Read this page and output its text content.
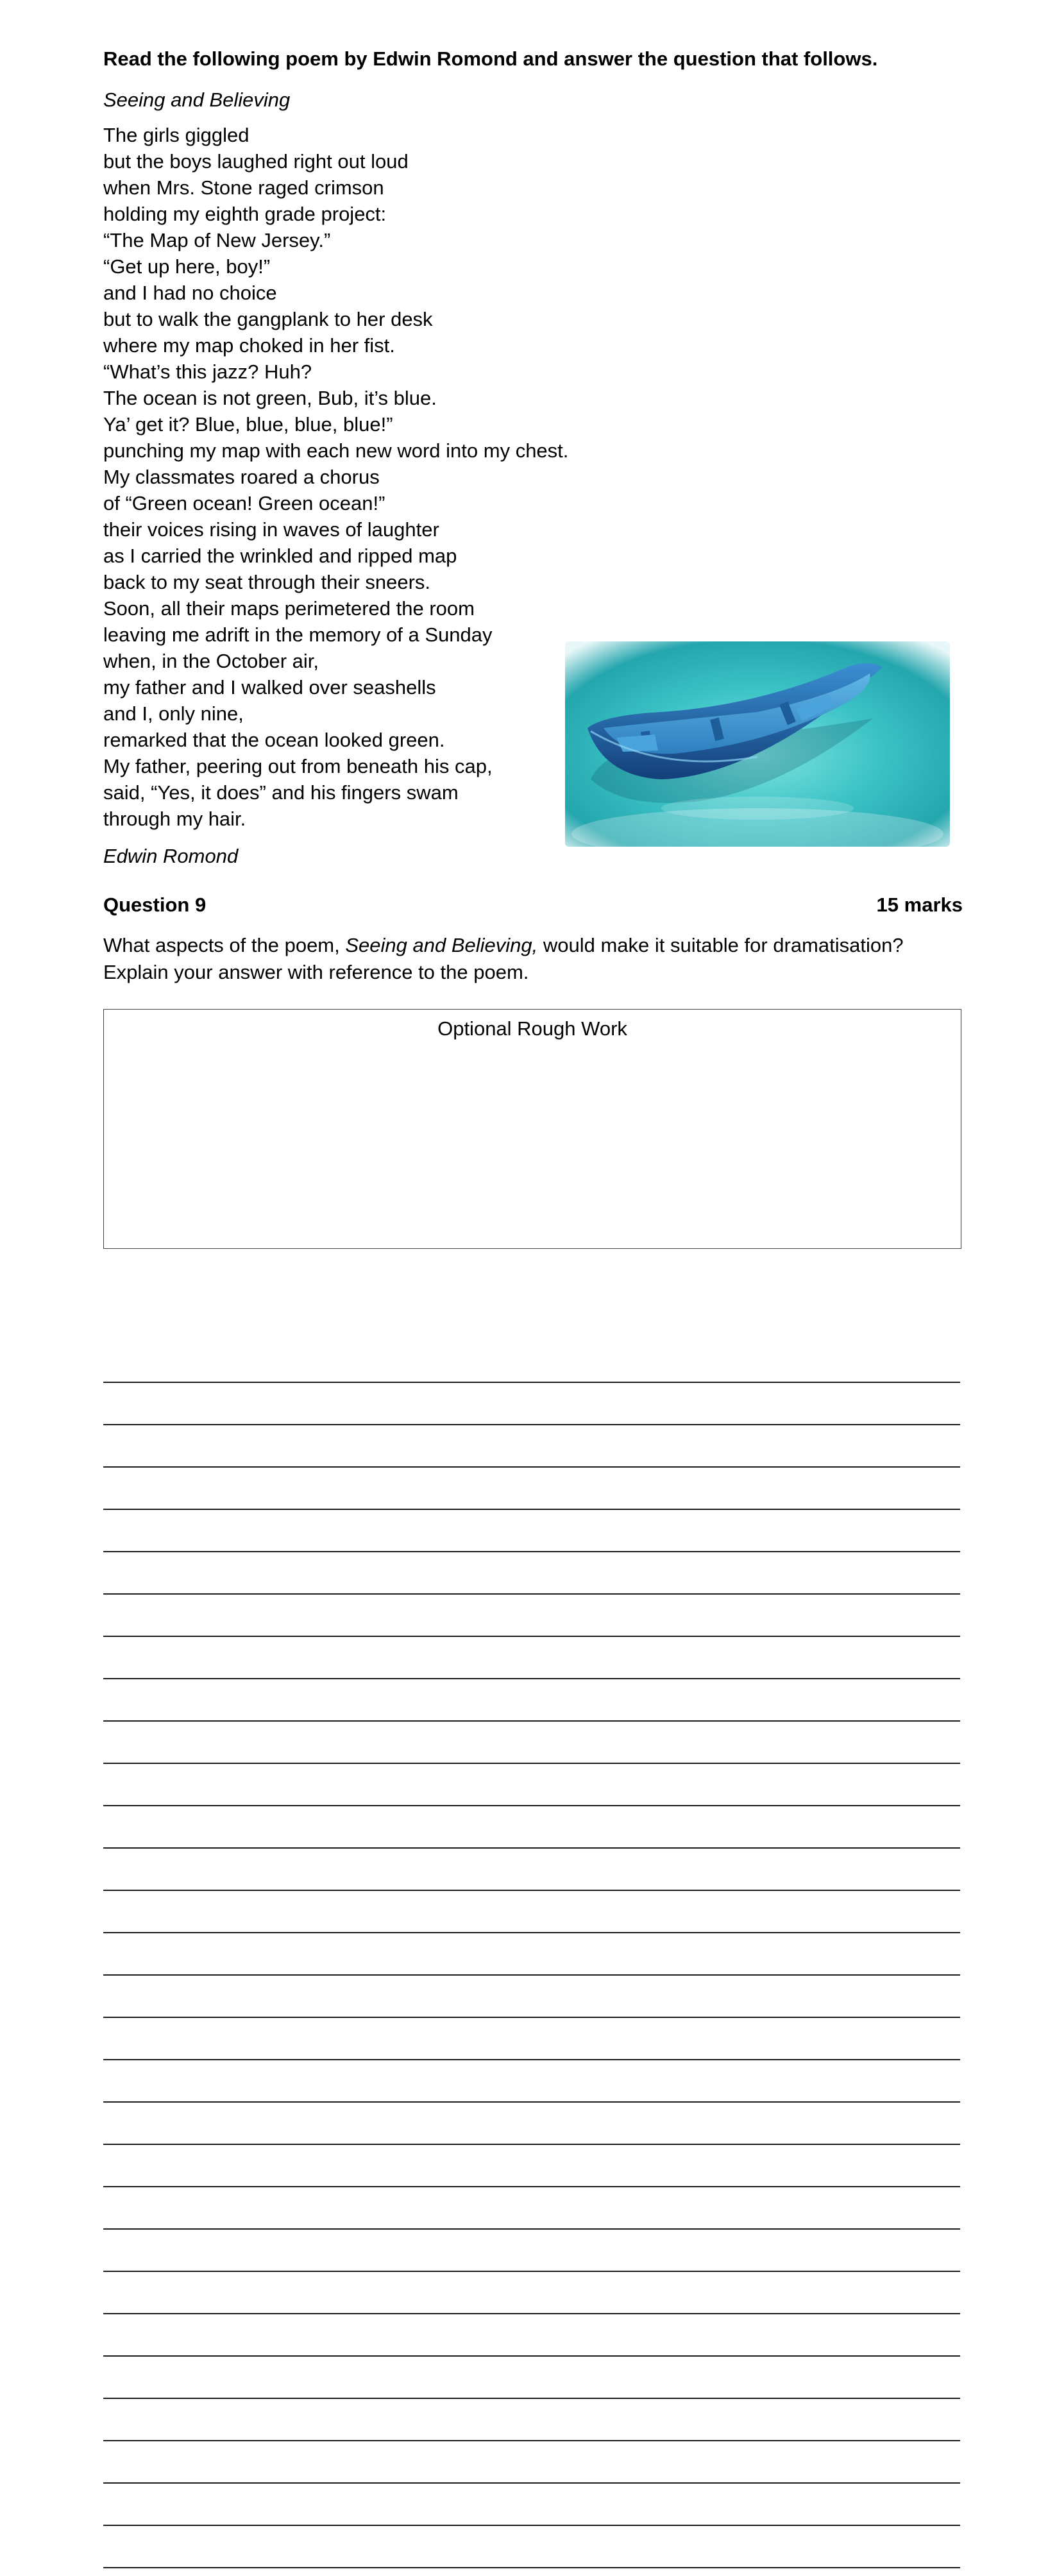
Read the following poem by Edwin Romond and answer the question that follows.

Seeing and Believing

The girls giggled
but the boys laughed right out loud
when Mrs. Stone raged crimson
holding my eighth grade project:
“The Map of New Jersey.”
“Get up here, boy!”
and I had no choice
but to walk the gangplank to her desk
where my map choked in her fist.
“What’s this jazz? Huh?
The ocean is not green, Bub, it’s blue.
Ya’ get it? Blue, blue, blue, blue!”
punching my map with each new word into my chest.
My classmates roared a chorus
of “Green ocean! Green ocean!”
their voices rising in waves of laughter
as I carried the wrinkled and ripped map
back to my seat through their sneers.
Soon, all their maps perimetered the room
leaving me adrift in the memory of a Sunday
when, in the October air,
my father and I walked over seashells
and I, only nine,
remarked that the ocean looked green.
My father, peering out from beneath his cap,
said, “Yes, it does” and his fingers swam
through my hair.

Edwin Romond

Question 9	15 marks

What aspects of the poem, Seeing and Believing, would make it suitable for dramatisation? Explain your answer with reference to the poem.

Optional Rough Work
